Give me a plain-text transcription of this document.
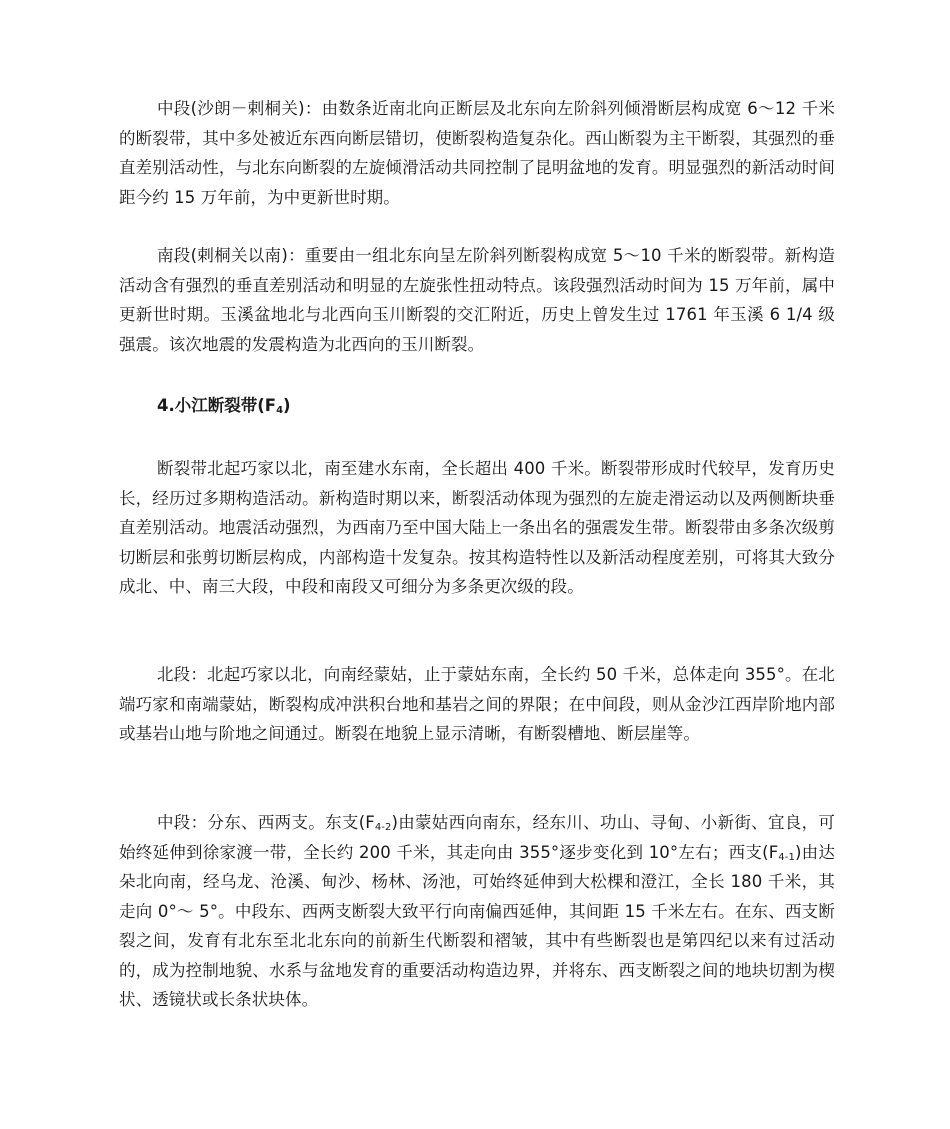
中段(沙朗－剌桐关)：由数条近南北向正断层及北东向左阶斜列倾滑断层构成宽 6～12 千米的断裂带，其中多处被近东西向断层错切，使断裂构造复杂化。西山断裂为主干断裂，其强烈的垂直差别活动性，与北东向断裂的左旋倾滑活动共同控制了昆明盆地的发育。明显强烈的新活动时间距今约 15 万年前，为中更新世时期。

南段(剌桐关以南)：重要由一组北东向呈左阶斜列断裂构成宽 5～10 千米的断裂带。新构造活动含有强烈的垂直差别活动和明显的左旋张性扭动特点。该段强烈活动时间为 15 万年前，属中更新世时期。玉溪盆地北与北西向玉川断裂的交汇附近，历史上曾发生过 1761 年玉溪 6 1/4 级强震。该次地震的发震构造为北西向的玉川断裂。

4.小江断裂带$(F_4)$

断裂带北起巧家以北，南至建水东南，全长超出 400 千米。断裂带形成时代较早，发育历史长，经历过多期构造活动。新构造时期以来，断裂活动体现为强烈的左旋走滑运动以及两侧断块垂直差别活动。地震活动强烈，为西南乃至中国大陆上一条出名的强震发生带。断裂带由多条次级剪切断层和张剪切断层构成，内部构造十发复杂。按其构造特性以及新活动程度差别，可将其大致分成北、中、南三大段，中段和南段又可细分为多条更次级的段。

北段：北起巧家以北，向南经蒙姑，止于蒙姑东南，全长约 50 千米，总体走向 355°。在北端巧家和南端蒙姑，断裂构成冲洪积台地和基岩之间的界限；在中间段，则从金沙江西岸阶地内部或基岩山地与阶地之间通过。断裂在地貌上显示清晰，有断裂槽地、断层崖等。

中段：分东、西两支。东支$(F_{4-2})$由蒙姑西向南东，经东川、功山、寻甸、小新街、宜良，可始终延伸到徐家渡一带，全长约 200 千米，其走向由 355°逐步变化到 10°左右；西支$(F_{4-1})$由达朵北向南，经乌龙、沧溪、甸沙、杨林、汤池，可始终延伸到大松棵和澄江，全长 180 千米，其走向 0°～ 5°。中段东、西两支断裂大致平行向南偏西延伸，其间距 15 千米左右。在东、西支断裂之间，发育有北东至北北东向的前新生代断裂和褶皱，其中有些断裂也是第四纪以来有过活动的，成为控制地貌、水系与盆地发育的重要活动构造边界，并将东、西支断裂之间的地块切割为楔状、透镜状或长条状块体。
